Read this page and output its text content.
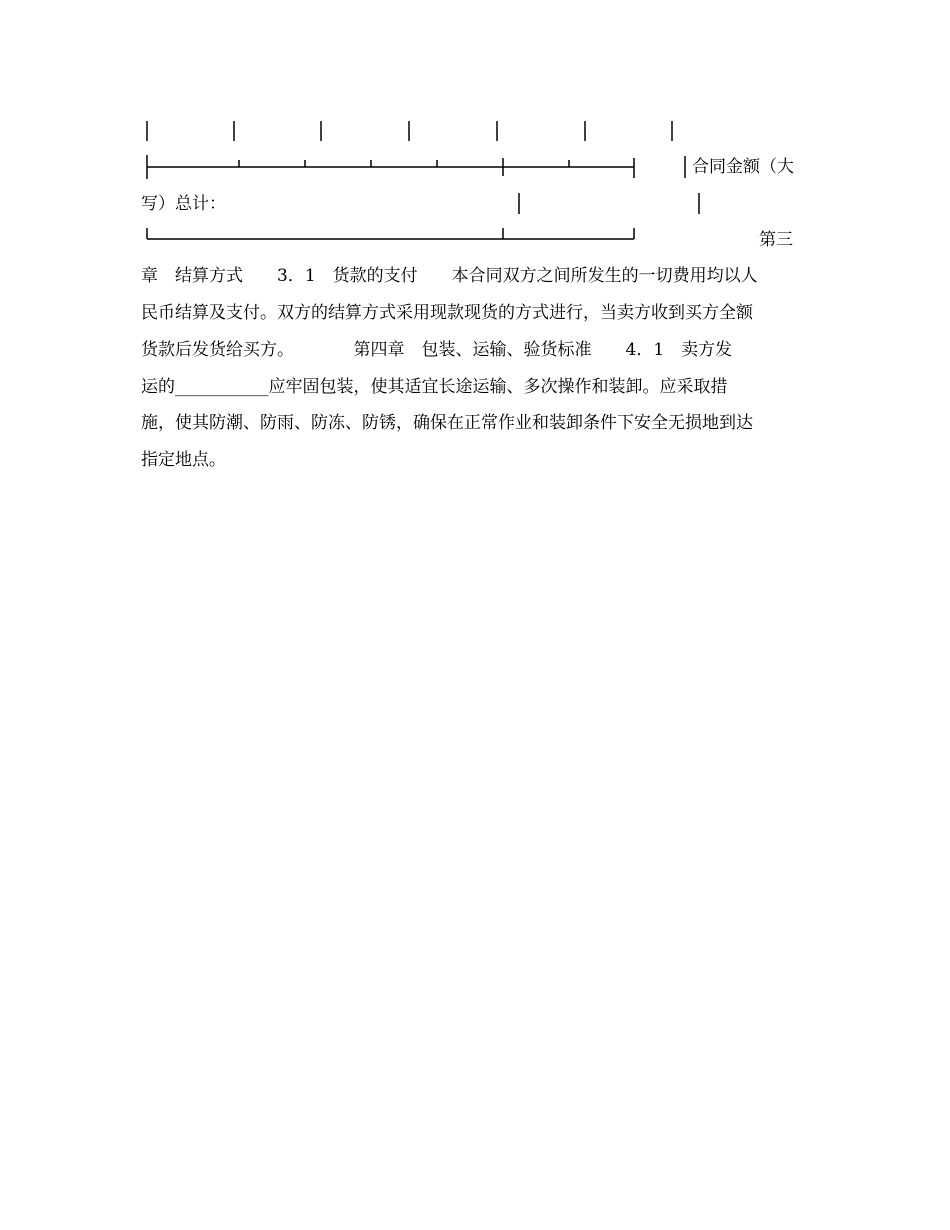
合同金额（大
写）总计：
第三
章　结算方式　　3．1　货款的支付　　本合同双方之间所发生的一切费用均以人
民币结算及支付。双方的结算方式采用现款现货的方式进行，当卖方收到买方全额
货款后发货给买方。　　　　第四章　包装、运输、验货标准　　4．1　卖方发
运的___________应牢固包装，使其适宜长途运输、多次操作和装卸。应采取措
施，使其防潮、防雨、防冻、防锈，确保在正常作业和装卸条件下安全无损地到达
指定地点。
